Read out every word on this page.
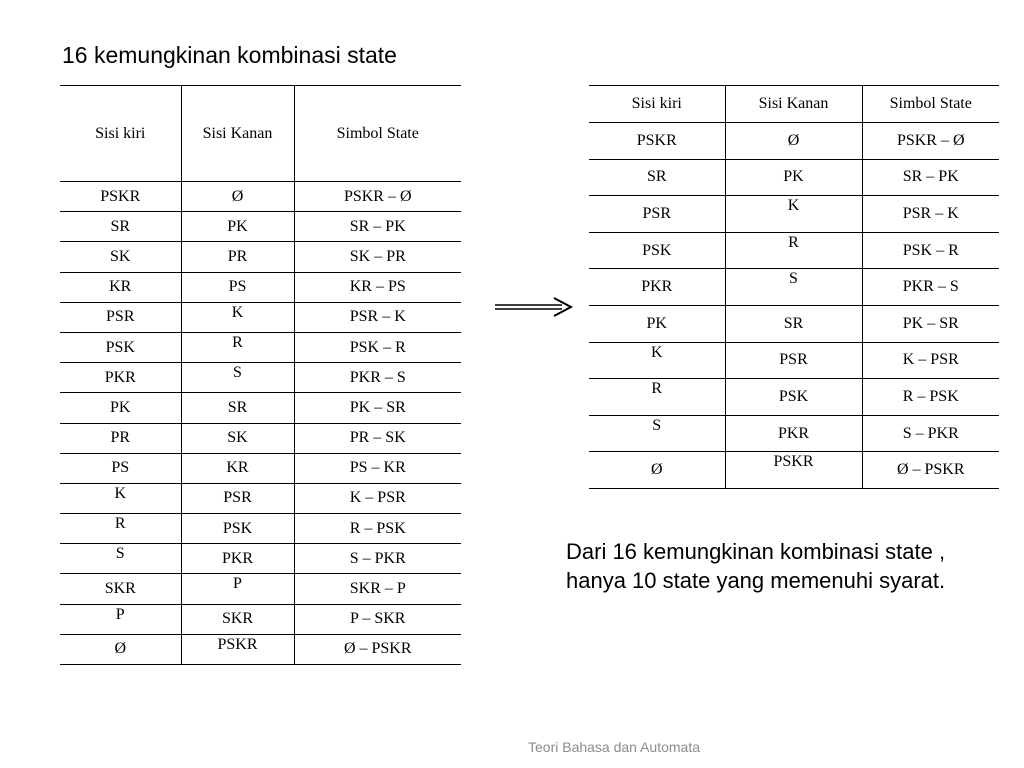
16 kemungkinan kombinasi state
Sisi kiri	Sisi Kanan	Simbol State
PSKR	Ø	PSKR – Ø
SR	PK	SR – PK
SK	PR	SK – PR
KR	PS	KR – PS
PSR	K	PSR – K
PSK	R	PSK – R
PKR	S	PKR – S
PK	SR	PK – SR
PR	SK	PR – SK
PS	KR	PS – KR
K	PSR	K – PSR
R	PSK	R – PSK
S	PKR	S – PKR
SKR	P	SKR – P
P	SKR	P – SKR
Ø	PSKR	Ø – PSKR
Sisi kiri	Sisi Kanan	Simbol State
PSKR	Ø	PSKR – Ø
SR	PK	SR – PK
PSR	K	PSR – K
PSK	R	PSK – R
PKR	S	PKR – S
PK	SR	PK – SR
K	PSR	K – PSR
R	PSK	R – PSK
S	PKR	S – PKR
Ø	PSKR	Ø – PSKR
Dari 16 kemungkinan kombinasi state , hanya 10 state yang memenuhi syarat.
Teori Bahasa dan Automata
